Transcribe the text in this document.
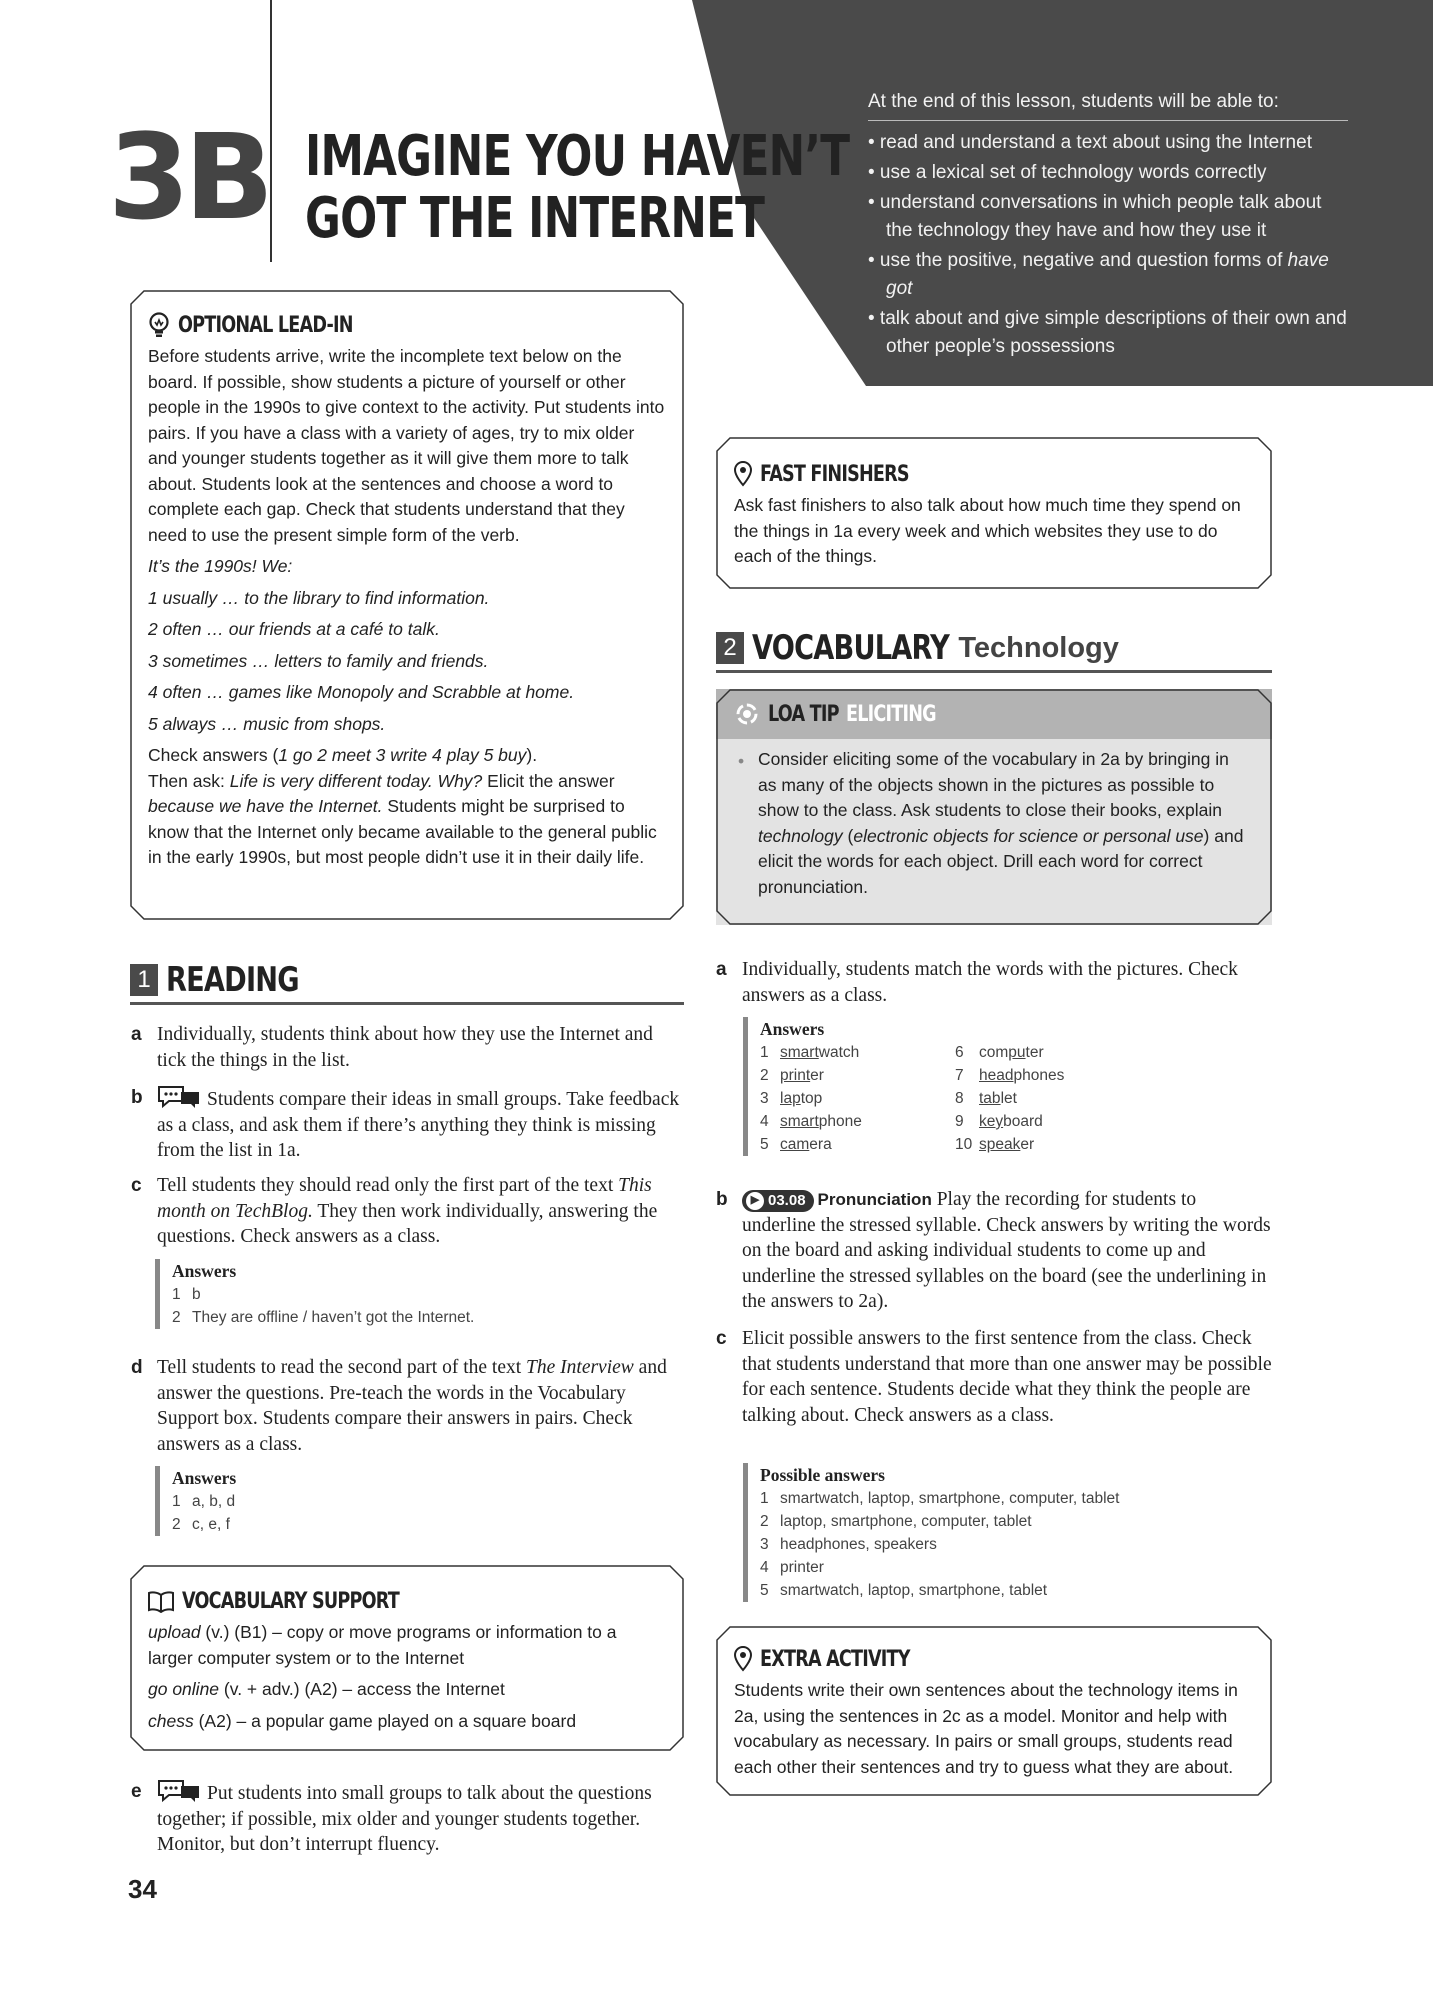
3B IMAGINE YOU HAVEN’T
GOT THE INTERNET
At the end of this lesson, students will be able to:
• read and understand a text about using the Internet
• use a lexical set of technology words correctly
• understand conversations in which people talk about the technology they have and how they use it
• use the positive, negative and question forms of have got
• talk about and give simple descriptions of their own and other people’s possessions
OPTIONAL LEAD-IN

Before students arrive, write the incomplete text below on the board. If possible, show students a picture of yourself or other people in the 1990s to give context to the activity. Put students into pairs. If you have a class with a variety of ages, try to mix older and younger students together as it will give them more to talk about. Students look at the sentences and choose a word to complete each gap. Check that students understand that they need to use the present simple form of the verb.

It’s the 1990s! We:

1 usually … to the library to find information.

2 often … our friends at a café to talk.

3 sometimes … letters to family and friends.

4 often … games like Monopoly and Scrabble at home.

5 always … music from shops.

Check answers (1 go 2 meet 3 write 4 play 5 buy).

Then ask: Life is very different today. Why? Elicit the answer because we have the Internet. Students might be surprised to know that the Internet only became available to the general public in the early 1990s, but most people didn’t use it in their daily life.

FAST FINISHERS
Ask fast finishers to also talk about how much time they spend on the things in 1a every week and which websites they use to do each of the things.
2 VOCABULARY Technology
LOA TIP ELICITING
• Consider eliciting some of the vocabulary in 2a by bringing in as many of the objects shown in the pictures as possible to show to the class. Ask students to close their books, explain technology (electronic objects for science or personal use) and elicit the words for each object. Drill each word for correct pronunciation.
1 READING
a Individually, students think about how they use the Internet and tick the things in the list.
b	Students compare their ideas in small groups. Take feedback as a class, and ask them if there’s anything they think is missing from the list in 1a.
c Tell students they should read only the first part of the text This month on TechBlog. They then work individually, answering the questions. Check answers as a class.
Answers
1 b
2 They are offline / haven’t got the Internet.
d Tell students to read the second part of the text The Interview and answer the questions. Pre-teach the words in the Vocabulary Support box. Students compare their answers in pairs. Check answers as a class.
Answers
1 a, b, d
2 c, e, f
VOCABULARY SUPPORT

upload (v.) (B1) – copy or move programs or information to a larger computer system or to the Internet

go online (v. + adv.) (A2) – access the Internet

chess (A2) – a popular game played on a square board

e	Put students into small groups to talk about the questions together; if possible, mix older and younger students together. Monitor, but don’t interrupt fluency.
a Individually, students match the words with the pictures. Check answers as a class.
Answers
1 smartwatch
2 printer
3 laptop
4 smartphone
5 camera
6 computer
7 headphones
8 tablet
9 keyboard
10 speaker
b	▶ 03.08 Pronunciation Play the recording for students to underline the stressed syllable. Check answers by writing the words on the board and asking individual students to come up and underline the stressed syllables on the board (see the underlining in the answers to 2a).
c Elicit possible answers to the first sentence from the class. Check that students understand that more than one answer may be possible for each sentence. Students decide what they think the people are talking about. Check answers as a class.
Possible answers
1 smartwatch, laptop, smartphone, computer, tablet
2 laptop, smartphone, computer, tablet
3 headphones, speakers
4 printer
5 smartwatch, laptop, smartphone, tablet
EXTRA ACTIVITY
Students write their own sentences about the technology items in 2a, using the sentences in 2c as a model. Monitor and help with vocabulary as necessary. In pairs or small groups, students read each other their sentences and try to guess what they are about.
34
